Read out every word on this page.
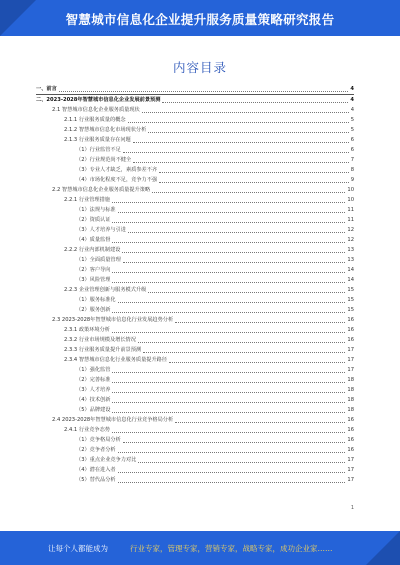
智慧城市信息化企业提升服务质量策略研究报告
内容目录
一、前言	4
二、2023-2028年智慧城市信息化企业发展前景预测	4
2.1 智慧城市信息化企业服务质量现状	4
2.1.1 行业服务质量的概念	5
2.1.2 智慧城市信息化市场现状分析	5
2.1.3 行业服务质量存在问题	6
（1）行业监管不足	6
（2）行业规范尚不健全	7
（3）专业人才缺乏，素质参差不齐	8
（4）市场化程度不足，竞争力不强	9
2.2 智慧城市信息化企业服务质量提升策略	10
2.2.1 行业管理措施	10
（1）法规与标准	11
（2）资质认证	11
（3）人才培养与引进	12
（4）质量监督	12
2.2.2 行业内部机制建设	13
（1）全面质量管理	13
（2）客户导向	14
（3）风险管理	14
2.2.3 企业管理创新与服务模式升级	15
（1）服务标准化	15
（2）服务创新	15
2.3 2023-2028年智慧城市信息化行业发展趋势分析	16
2.3.1 政策环境分析	16
2.3.2 行业市场规模及增长情况	16
2.3.3 行业服务质量提升前景预测	17
2.3.4 智慧城市信息化行业服务质量提升路径	17
（1）强化监管	17
（2）完善标准	18
（3）人才培养	18
（4）技术创新	18
（5）品牌建设	18
2.4 2023-2028年智慧城市信息化行业竞争格局分析	16
2.4.1 行业竞争态势	16
（1）竞争格局分析	16
（2）竞争者分析	16
（3）重点企业竞争力对比	17
（4）潜在进入者	17
（5）替代品分析	17
1
让每个人都能成为	行业专家，管理专家，营销专家，战略专家，成功企业家……
